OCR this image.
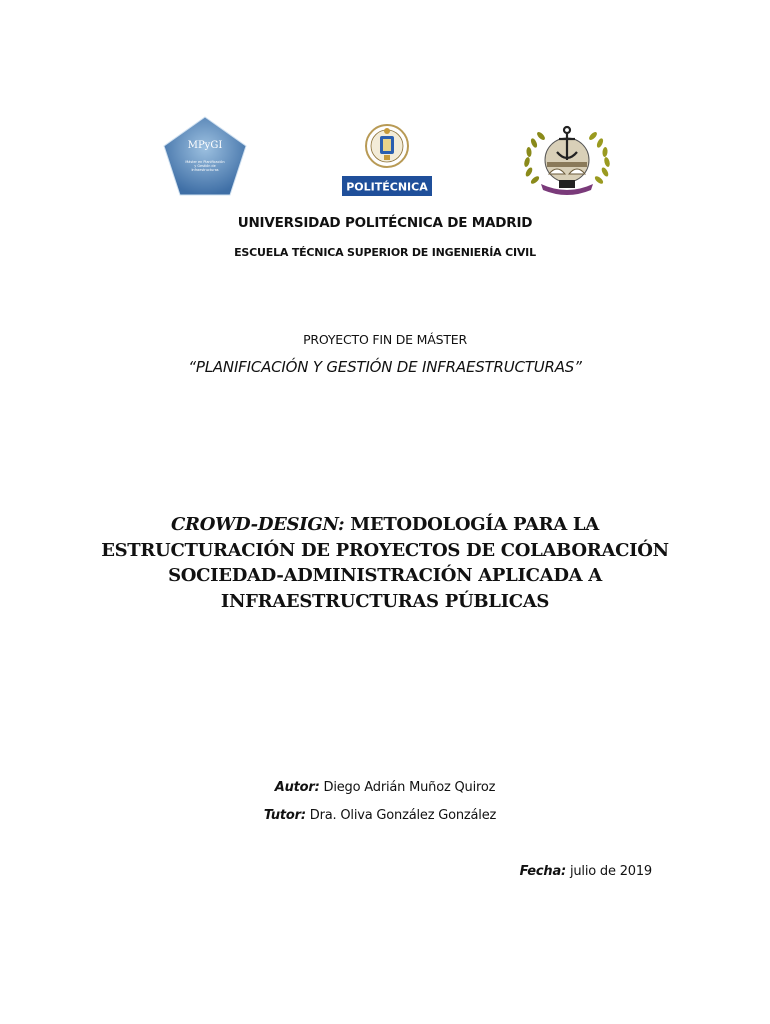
MPyGI
Máster en Planificación
y Gestión de
Infraestructuras
POLITÉCNICA
UNIVERSIDAD POLITÉCNICA DE MADRID
ESCUELA TÉCNICA SUPERIOR DE INGENIERÍA CIVIL
PROYECTO FIN DE MÁSTER
“PLANIFICACIÓN Y GESTIÓN DE INFRAESTRUCTURAS”
CROWD-DESIGN: METODOLOGÍA PARA LA
ESTRUCTURACIÓN DE PROYECTOS DE COLABORACIÓN
SOCIEDAD-ADMINISTRACIÓN APLICADA A
INFRAESTRUCTURAS PÚBLICAS
Autor: Diego Adrián Muñoz Quiroz
Tutor: Dra. Oliva González González
Fecha: julio de 2019
